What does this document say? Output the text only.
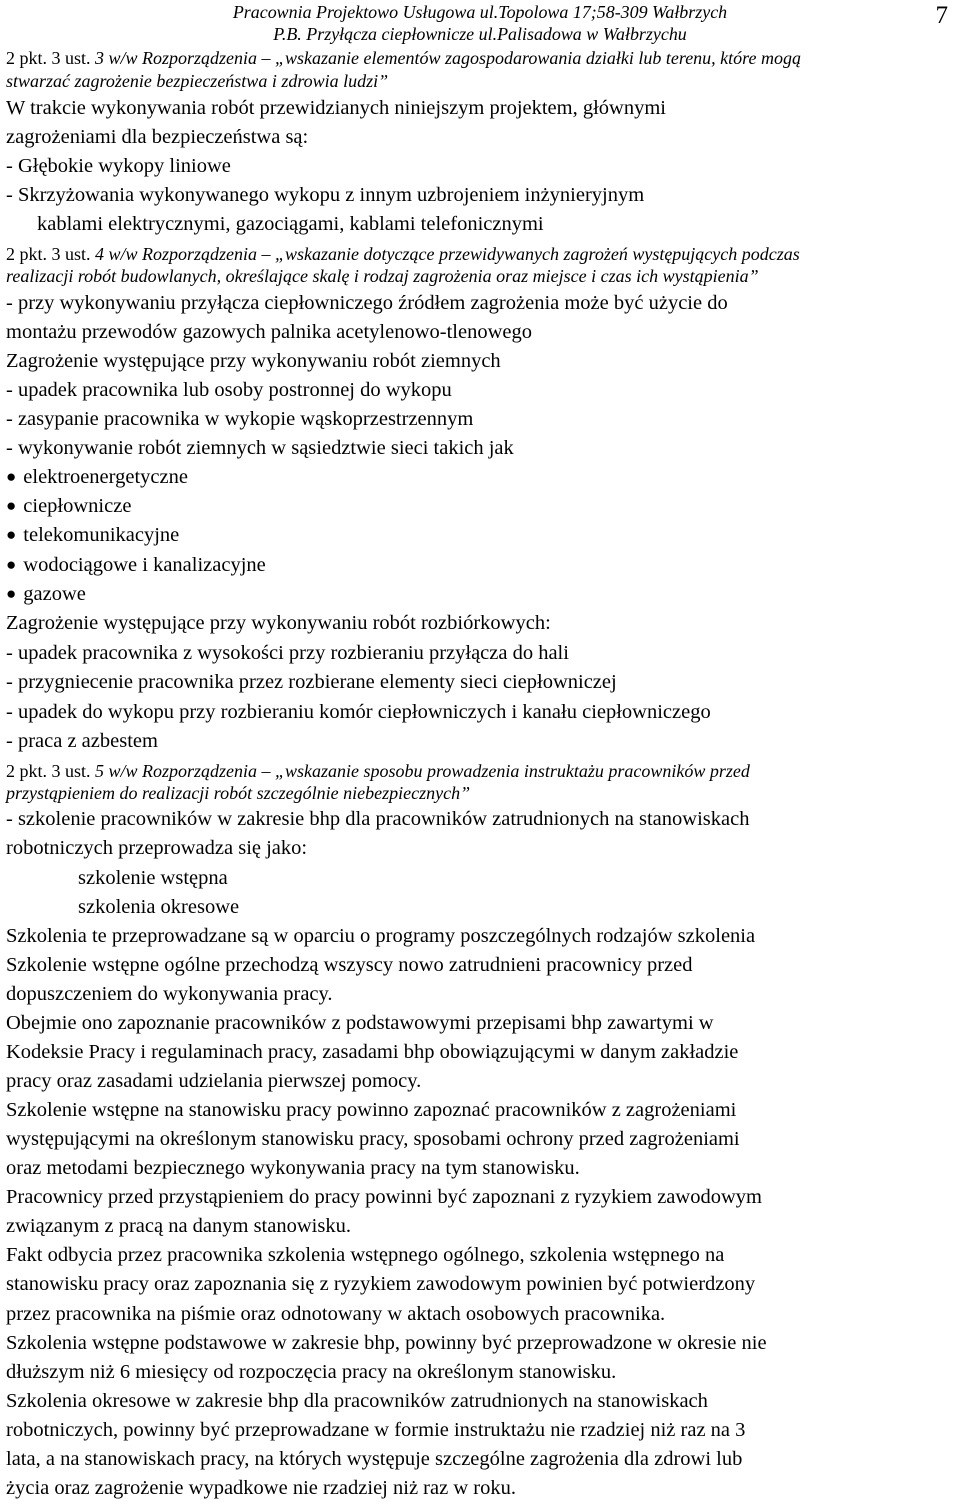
Pracownia Projektowo Usługowa ul.Topolowa 17;58-309 Wałbrzych
P.B. Przyłącza ciepłownicze ul.Palisadowa w Wałbrzychu
7
2 pkt. 3 ust. 3 w/w Rozporządzenia – „wskazanie elementów zagospodarowania działki lub terenu, które mogą
stwarzać zagrożenie bezpieczeństwa i zdrowia ludzi”
W trakcie wykonywania robót przewidzianych niniejszym projektem, głównymi
zagrożeniami dla bezpieczeństwa są:
- Głębokie wykopy liniowe
- Skrzyżowania wykonywanego wykopu z innym uzbrojeniem inżynieryjnym
kablami elektrycznymi, gazociągami, kablami telefonicznymi
2 pkt. 3 ust. 4 w/w Rozporządzenia – „wskazanie dotyczące przewidywanych zagrożeń występujących podczas
realizacji robót budowlanych, określające skalę i rodzaj zagrożenia oraz miejsce i czas ich wystąpienia”
- przy wykonywaniu przyłącza ciepłowniczego źródłem zagrożenia może być użycie do
montażu przewodów gazowych palnika acetylenowo-tlenowego
Zagrożenie występujące przy wykonywaniu robót ziemnych
- upadek pracownika lub osoby postronnej do wykopu
- zasypanie pracownika w wykopie wąskoprzestrzennym
- wykonywanie robót ziemnych w sąsiedztwie sieci takich jak
● elektroenergetyczne
● ciepłownicze
● telekomunikacyjne
● wodociągowe i kanalizacyjne
● gazowe
Zagrożenie występujące przy wykonywaniu robót rozbiórkowych:
- upadek pracownika z wysokości przy rozbieraniu przyłącza do hali
- przygniecenie pracownika przez rozbierane elementy sieci ciepłowniczej
- upadek do wykopu przy rozbieraniu komór ciepłowniczych i kanału ciepłowniczego
- praca z azbestem
2 pkt. 3 ust. 5 w/w Rozporządzenia – „wskazanie sposobu prowadzenia instruktażu pracowników przed
przystąpieniem do realizacji robót szczególnie niebezpiecznych”
- szkolenie pracowników w zakresie bhp dla pracowników zatrudnionych na stanowiskach
robotniczych przeprowadza się jako:
szkolenie wstępna
szkolenia okresowe
Szkolenia te przeprowadzane są w oparciu o programy poszczególnych rodzajów szkolenia
Szkolenie wstępne ogólne przechodzą wszyscy nowo zatrudnieni pracownicy przed
dopuszczeniem do wykonywania pracy.
Obejmie ono zapoznanie pracowników z podstawowymi przepisami bhp zawartymi w
Kodeksie Pracy i regulaminach pracy, zasadami bhp obowiązującymi w danym zakładzie
pracy oraz zasadami udzielania pierwszej pomocy.
Szkolenie wstępne na stanowisku pracy powinno zapoznać pracowników z zagrożeniami
występującymi na określonym stanowisku pracy, sposobami ochrony przed zagrożeniami
oraz metodami bezpiecznego wykonywania pracy na tym stanowisku.
Pracownicy przed przystąpieniem do pracy powinni być zapoznani z ryzykiem zawodowym
związanym z pracą na danym stanowisku.
Fakt odbycia przez pracownika szkolenia wstępnego ogólnego, szkolenia wstępnego na
stanowisku pracy oraz zapoznania się z ryzykiem zawodowym powinien być potwierdzony
przez pracownika na piśmie oraz odnotowany w aktach osobowych pracownika.
Szkolenia wstępne podstawowe w zakresie bhp, powinny być przeprowadzone w okresie nie
dłuższym niż 6 miesięcy od rozpoczęcia pracy na określonym stanowisku.
Szkolenia okresowe w zakresie bhp dla pracowników zatrudnionych na stanowiskach
robotniczych, powinny być przeprowadzane w formie instruktażu nie rzadziej niż raz na 3
lata, a na stanowiskach pracy, na których występuje szczególne zagrożenia dla zdrowi lub
życia oraz zagrożenie wypadkowe nie rzadziej niż raz w roku.
